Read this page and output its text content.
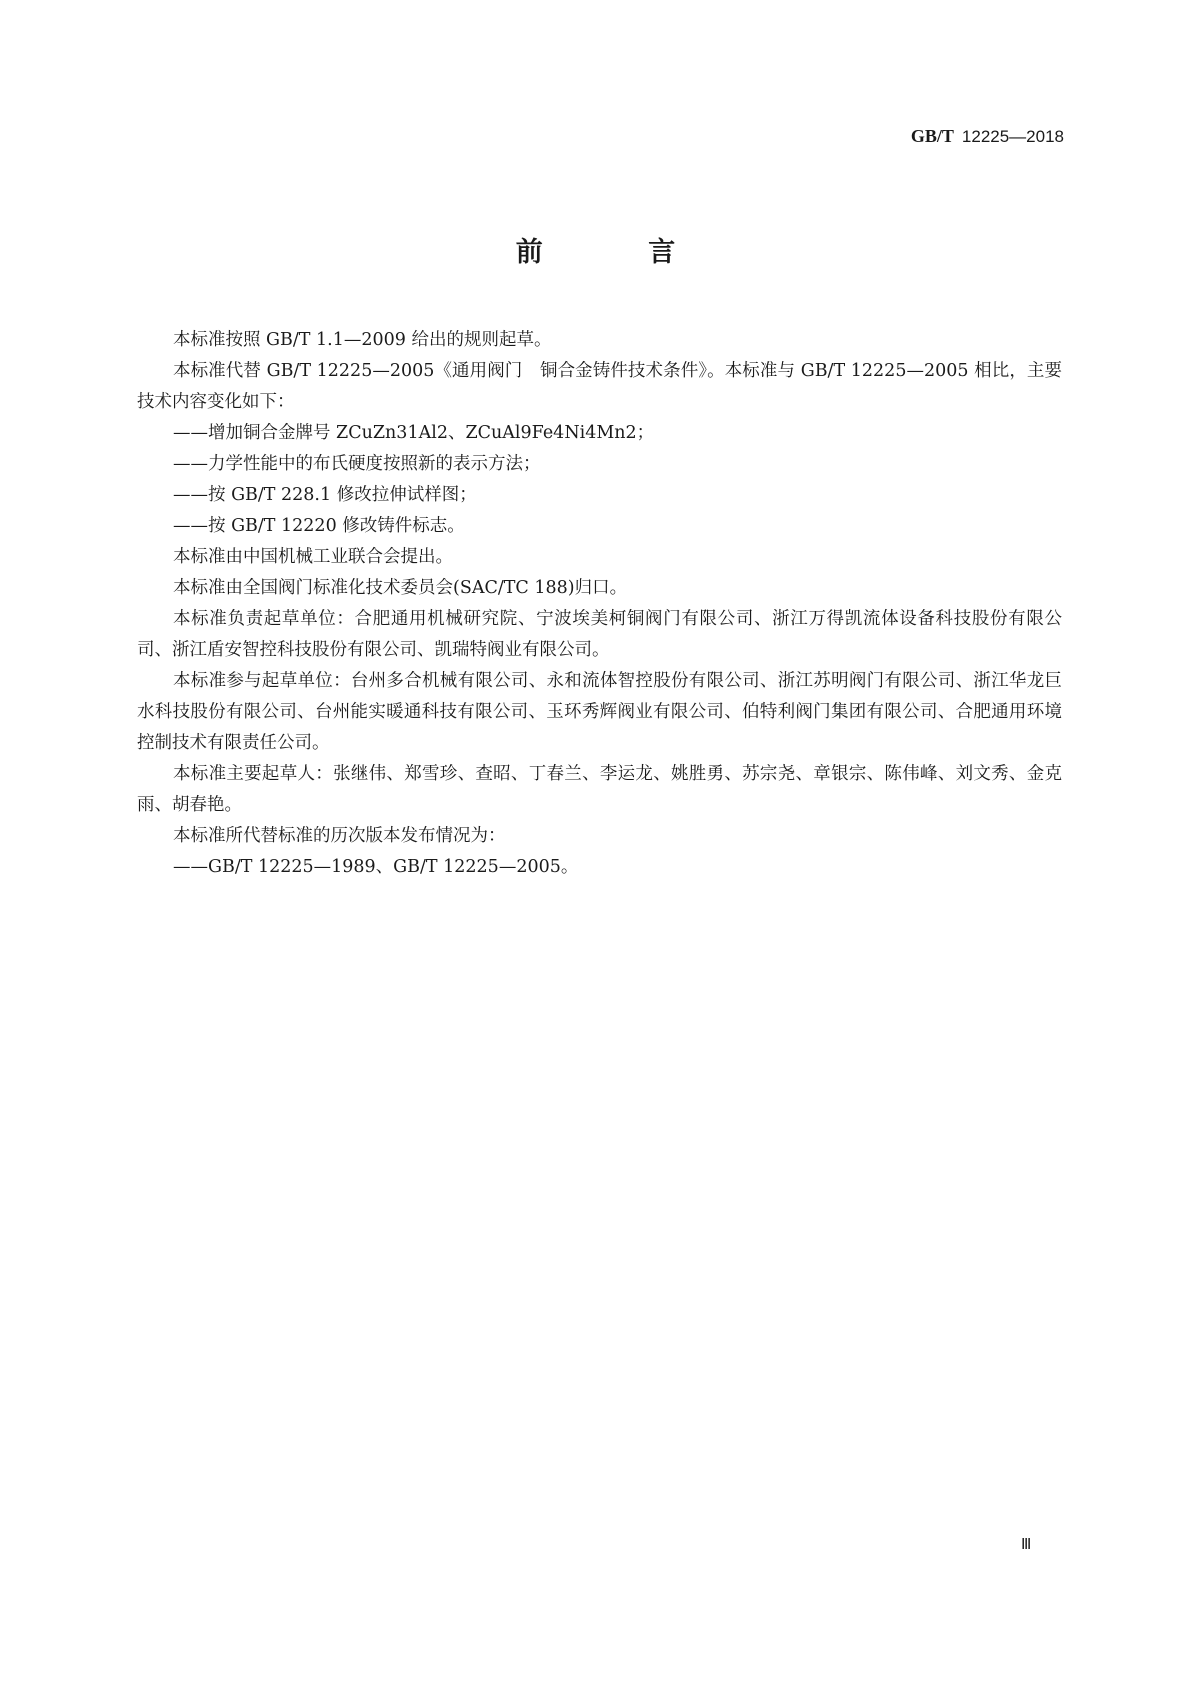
GB/T 12225—2018
前 言

本标准按照 GB/T 1.1—2009 给出的规则起草。

本标准代替 GB/T 12225—2005《通用阀门　铜合金铸件技术条件》。本标准与 GB/T 12225—2005 相比，主要技术内容变化如下：

——增加铜合金牌号 ZCuZn31Al2、ZCuAl9Fe4Ni4Mn2；

——力学性能中的布氏硬度按照新的表示方法；

——按 GB/T 228.1 修改拉伸试样图；

——按 GB/T 12220 修改铸件标志。

本标准由中国机械工业联合会提出。

本标准由全国阀门标准化技术委员会(SAC/TC 188)归口。

本标准负责起草单位：合肥通用机械研究院、宁波埃美柯铜阀门有限公司、浙江万得凯流体设备科技股份有限公司、浙江盾安智控科技股份有限公司、凯瑞特阀业有限公司。

本标准参与起草单位：台州多合机械有限公司、永和流体智控股份有限公司、浙江苏明阀门有限公司、浙江华龙巨水科技股份有限公司、台州能实暖通科技有限公司、玉环秀辉阀业有限公司、伯特利阀门集团有限公司、合肥通用环境控制技术有限责任公司。

本标准主要起草人：张继伟、郑雪珍、查昭、丁春兰、李运龙、姚胜勇、苏宗尧、章银宗、陈伟峰、刘文秀、金克雨、胡春艳。

本标准所代替标准的历次版本发布情况为：

——GB/T 12225—1989、GB/T 12225—2005。

Ⅲ
